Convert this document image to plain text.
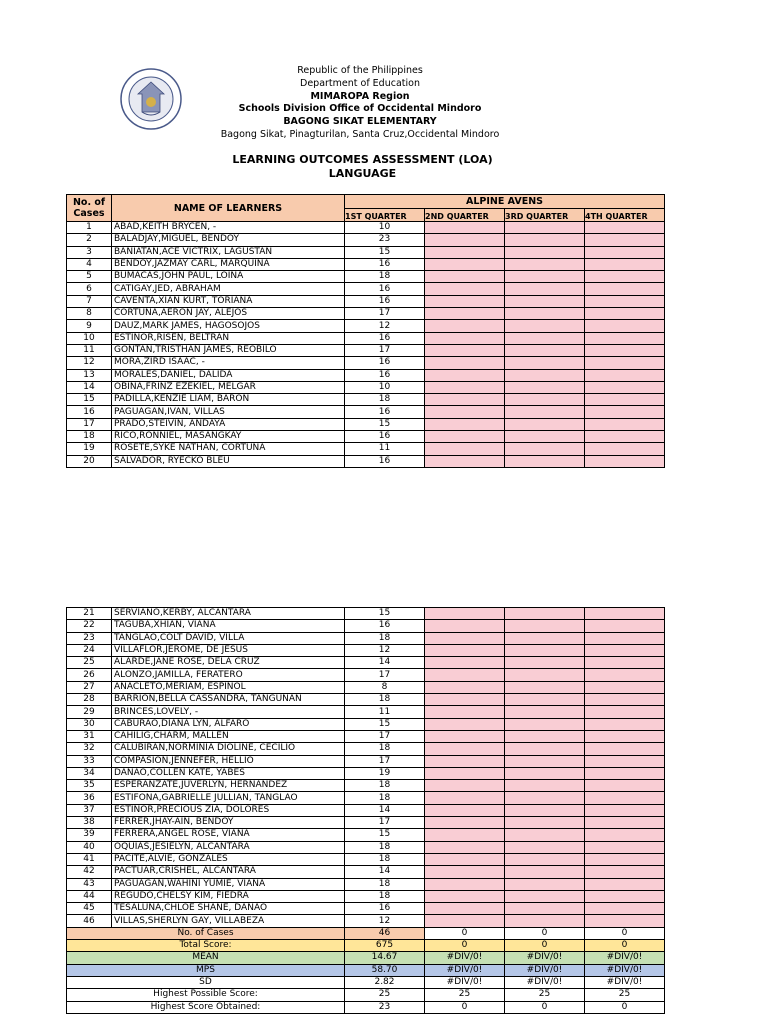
Republic of the Philippines
Department of Education
MIMAROPA Region
Schools Division Office of Occidental Mindoro
BAGONG SIKAT ELEMENTARY
Bagong Sikat, Pinagturilan, Santa Cruz,Occidental Mindoro
LEARNING OUTCOMES ASSESSMENT (LOA)
LANGUAGE
No. of Cases	NAME OF LEARNERS	ALPINE AVENS			
		1ST QUARTER	2ND QUARTER	3RD QUARTER	4TH QUARTER
1	ABAD,KEITH BRYCEN, -	10			
2	BALADJAY,MIGUEL, BENDOY	23			
3	BANIATAN,ACE VICTRIX, LAGUSTAN	15			
4	BENDOY,JAZMAY CARL, MARQUINA	16			
5	BUMACAS,JOHN PAUL, LOINA	18			
6	CATIGAY,JED, ABRAHAM	16			
7	CAVENTA,XIAN KURT, TORIANA	16			
8	CORTUNA,AERON JAY, ALEJOS	17			
9	DAUZ,MARK JAMES, HAGOSOJOS	12			
10	ESTINOR,RISEN, BELTRAN	16			
11	GONTAN,TRISTHAN JAMES, REOBILO	17			
12	MORA,ZIRD ISAAC, -	16			
13	MORALES,DANIEL, DALIDA	16			
14	OBINA,FRINZ EZEKIEL, MELGAR	10			
15	PADILLA,KENZIE LIAM, BARON	18			
16	PAGUAGAN,IVAN, VILLAS	16			
17	PRADO,STEIVIN, ANDAYA	15			
18	RICO,RONNIEL, MASANGKAY	16			
19	ROSETE,SYKE NATHAN, CORTUNA	11			
20	SALVADOR, RYECKO BLEU	16			
21	SERVIANO,KERBY, ALCANTARA	15			
22	TAGUBA,XHIAN, VIANA	16			
23	TANGLAO,COLT DAVID, VILLA	18			
24	VILLAFLOR,JEROME, DE JESUS	12			
25	ALARDE,JANE ROSE, DELA CRUZ	14			
26	ALONZO,JAMILLA, FERATERO	17			
27	ANACLETO,MERIAM, ESPINOL	8			
28	BARRION,BELLA CASSANDRA, TANGUNAN	18			
29	BRINCES,LOVELY, -	11			
30	CABURAO,DIANA LYN, ALFARO	15			
31	CAHILIG,CHARM, MALLEN	17			
32	CALUBIRAN,NORMINIA DIOLINE, CECILIO	18			
33	COMPASION,JENNEFER, HELLIO	17			
34	DANAO,COLLEN KATE, YABES	19			
35	ESPERANZATE,JUVERLYN, HERNANDEZ	18			
36	ESTIFONA,GABRIELLE JULLIAN, TANGLAO	18			
37	ESTINOR,PRECIOUS ZIA, DOLORES	14			
38	FERRER,JHAY-AIN, BENDOY	17			
39	FERRERA,ANGEL ROSE, VIANA	15			
40	OQUIAS,JESIELYN, ALCANTARA	18			
41	PACITE,ALVIE, GONZALES	18			
42	PACTUAR,CRISHEL, ALCANTARA	14			
43	PAGUAGAN,WAHINI YUMIE, VIAÑA	18			
44	REGUDO,CHELSY KIM, FIEDRA	18			
45	TESALUNA,CHLOE SHANE, DANAO	16			
46	VILLAS,SHERLYN GAY, VILLABEZA	12			
No. of Cases		46	0	0	0
Total Score:		675	0	0	0
MEAN		14.67	#DIV/0!	#DIV/0!	#DIV/0!
MPS		58.70	#DIV/0!	#DIV/0!	#DIV/0!
SD		2.82	#DIV/0!	#DIV/0!	#DIV/0!
Highest Possible Score:		25	25	25	25
Highest Score Obtained:		23	0	0	0
